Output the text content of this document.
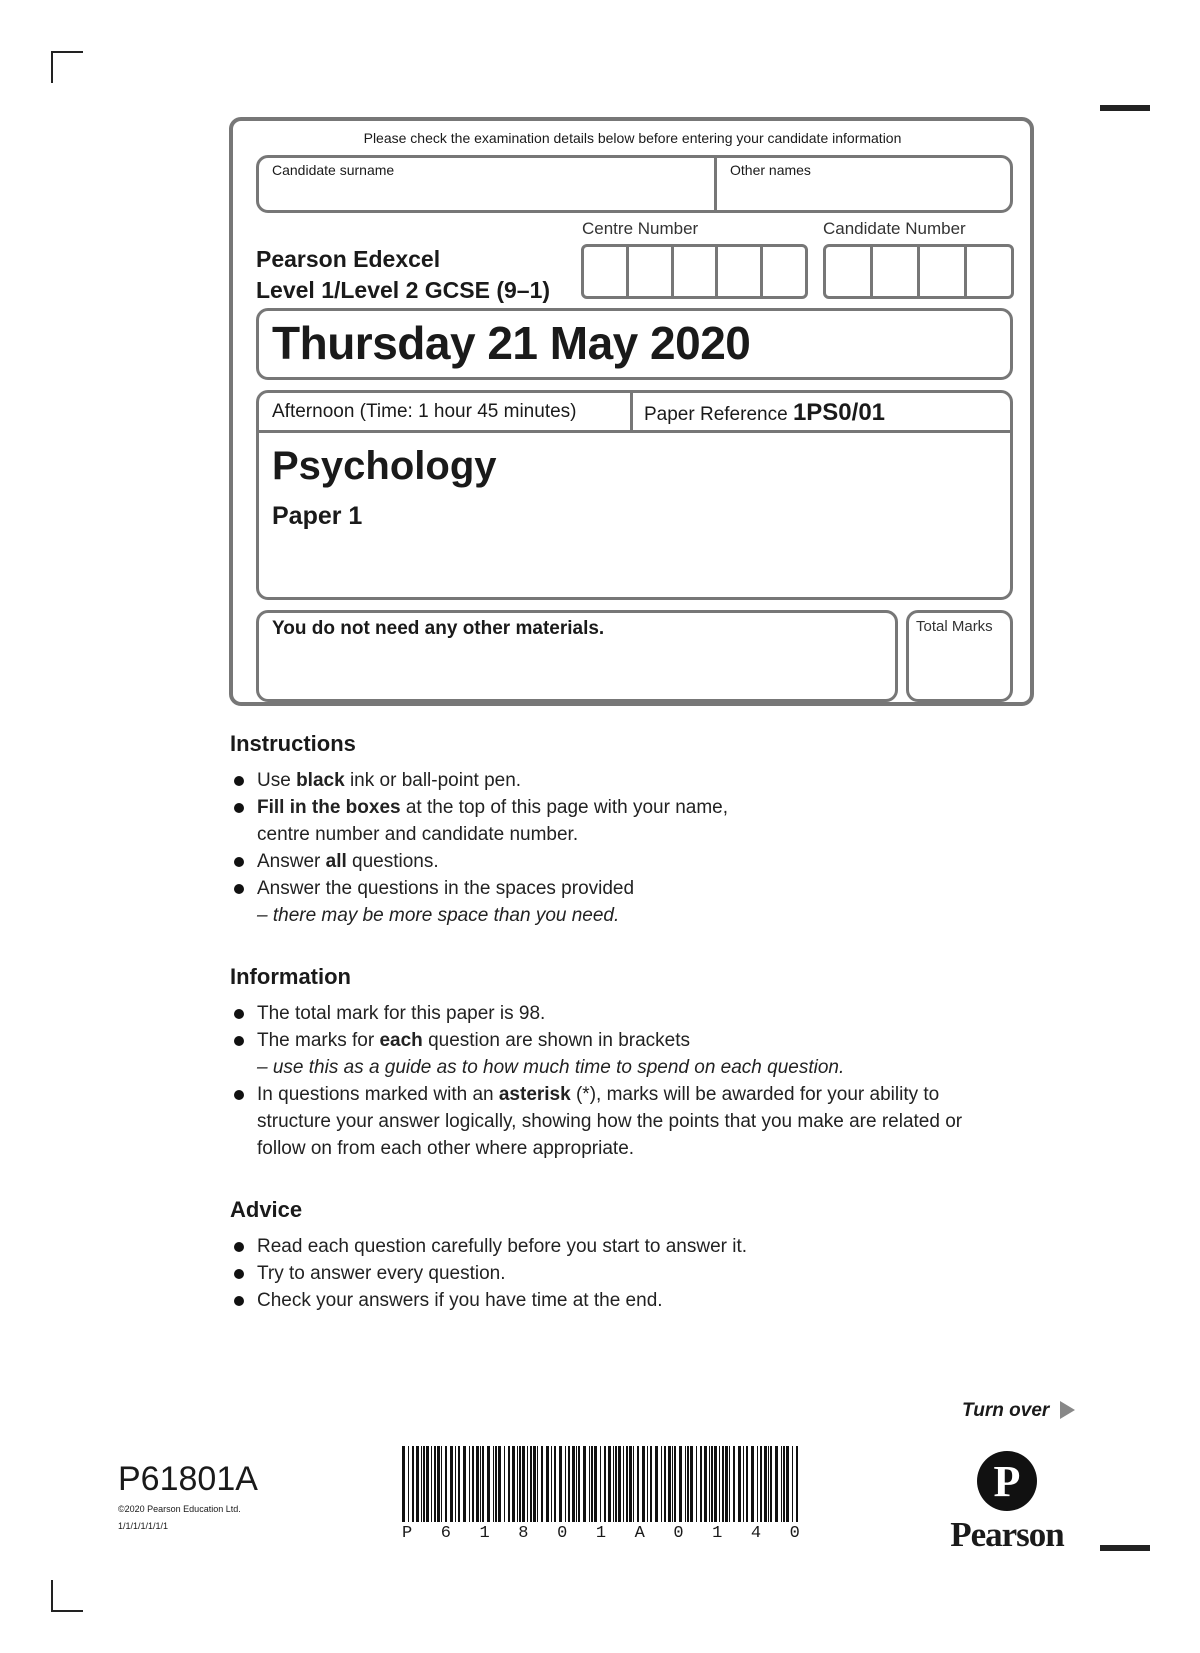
Please check the examination details below before entering your candidate information
Candidate surname	Other names
Centre Number	Candidate Number
Pearson Edexcel
Level 1/Level 2 GCSE (9–1)
Thursday 21 May 2020
Afternoon (Time: 1 hour 45 minutes)	Paper Reference 1PS0/01
Psychology
Paper 1
You do not need any other materials.	Total Marks
Instructions
Use black ink or ball-point pen.
Fill in the boxes at the top of this page with your name,
centre number and candidate number.
Answer all questions.
Answer the questions in the spaces provided
– there may be more space than you need.
Information
The total mark for this paper is 98.
The marks for each question are shown in brackets
– use this as a guide as to how much time to spend on each question.
In questions marked with an asterisk (*), marks will be awarded for your ability to structure your answer logically, showing how the points that you make are related or follow on from each other where appropriate.
Advice
Read each question carefully before you start to answer it.
Try to answer every question.
Check your answers if you have time at the end.
Turn over
P61801A
©2020 Pearson Education Ltd.
1/1/1/1/1/1/1	P 6 1 8 0 1 A 0 1 4 0
P
Pearson
